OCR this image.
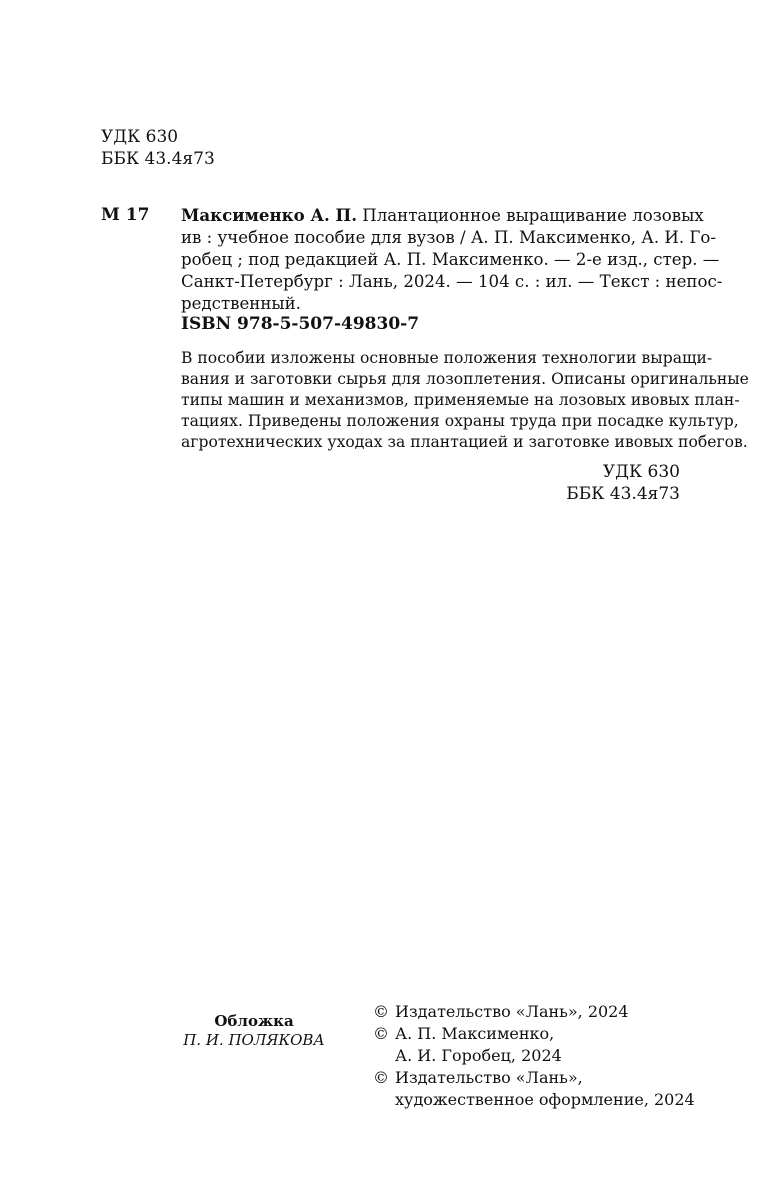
УДК 630
ББК 43.4я73
М 17 Максименко А. П. Плантационное выращивание лозовых
ив : учебное пособие для вузов / А. П. Максименко, А. И. Го-
робец ; под редакцией А. П. Максименко. — 2-е изд., стер. —
Санкт-Петербург : Лань, 2024. — 104 с. : ил. — Текст : непос-
редственный.
ISBN 978-5-507-49830-7
В пособии изложены основные положения технологии выращи-
вания и заготовки сырья для лозоплетения. Описаны оригинальные
типы машин и механизмов, применяемые на лозовых ивовых план-
тациях. Приведены положения охраны труда при посадке культур,
агротехнических уходах за плантацией и заготовке ивовых побегов.
УДК 630
ББК 43.4я73
Обложка
П. И. ПОЛЯКОВА
© Издательство «Лань», 2024
© А. П. Максименко,
А. И. Горобец, 2024
© Издательство «Лань»,
художественное оформление, 2024
